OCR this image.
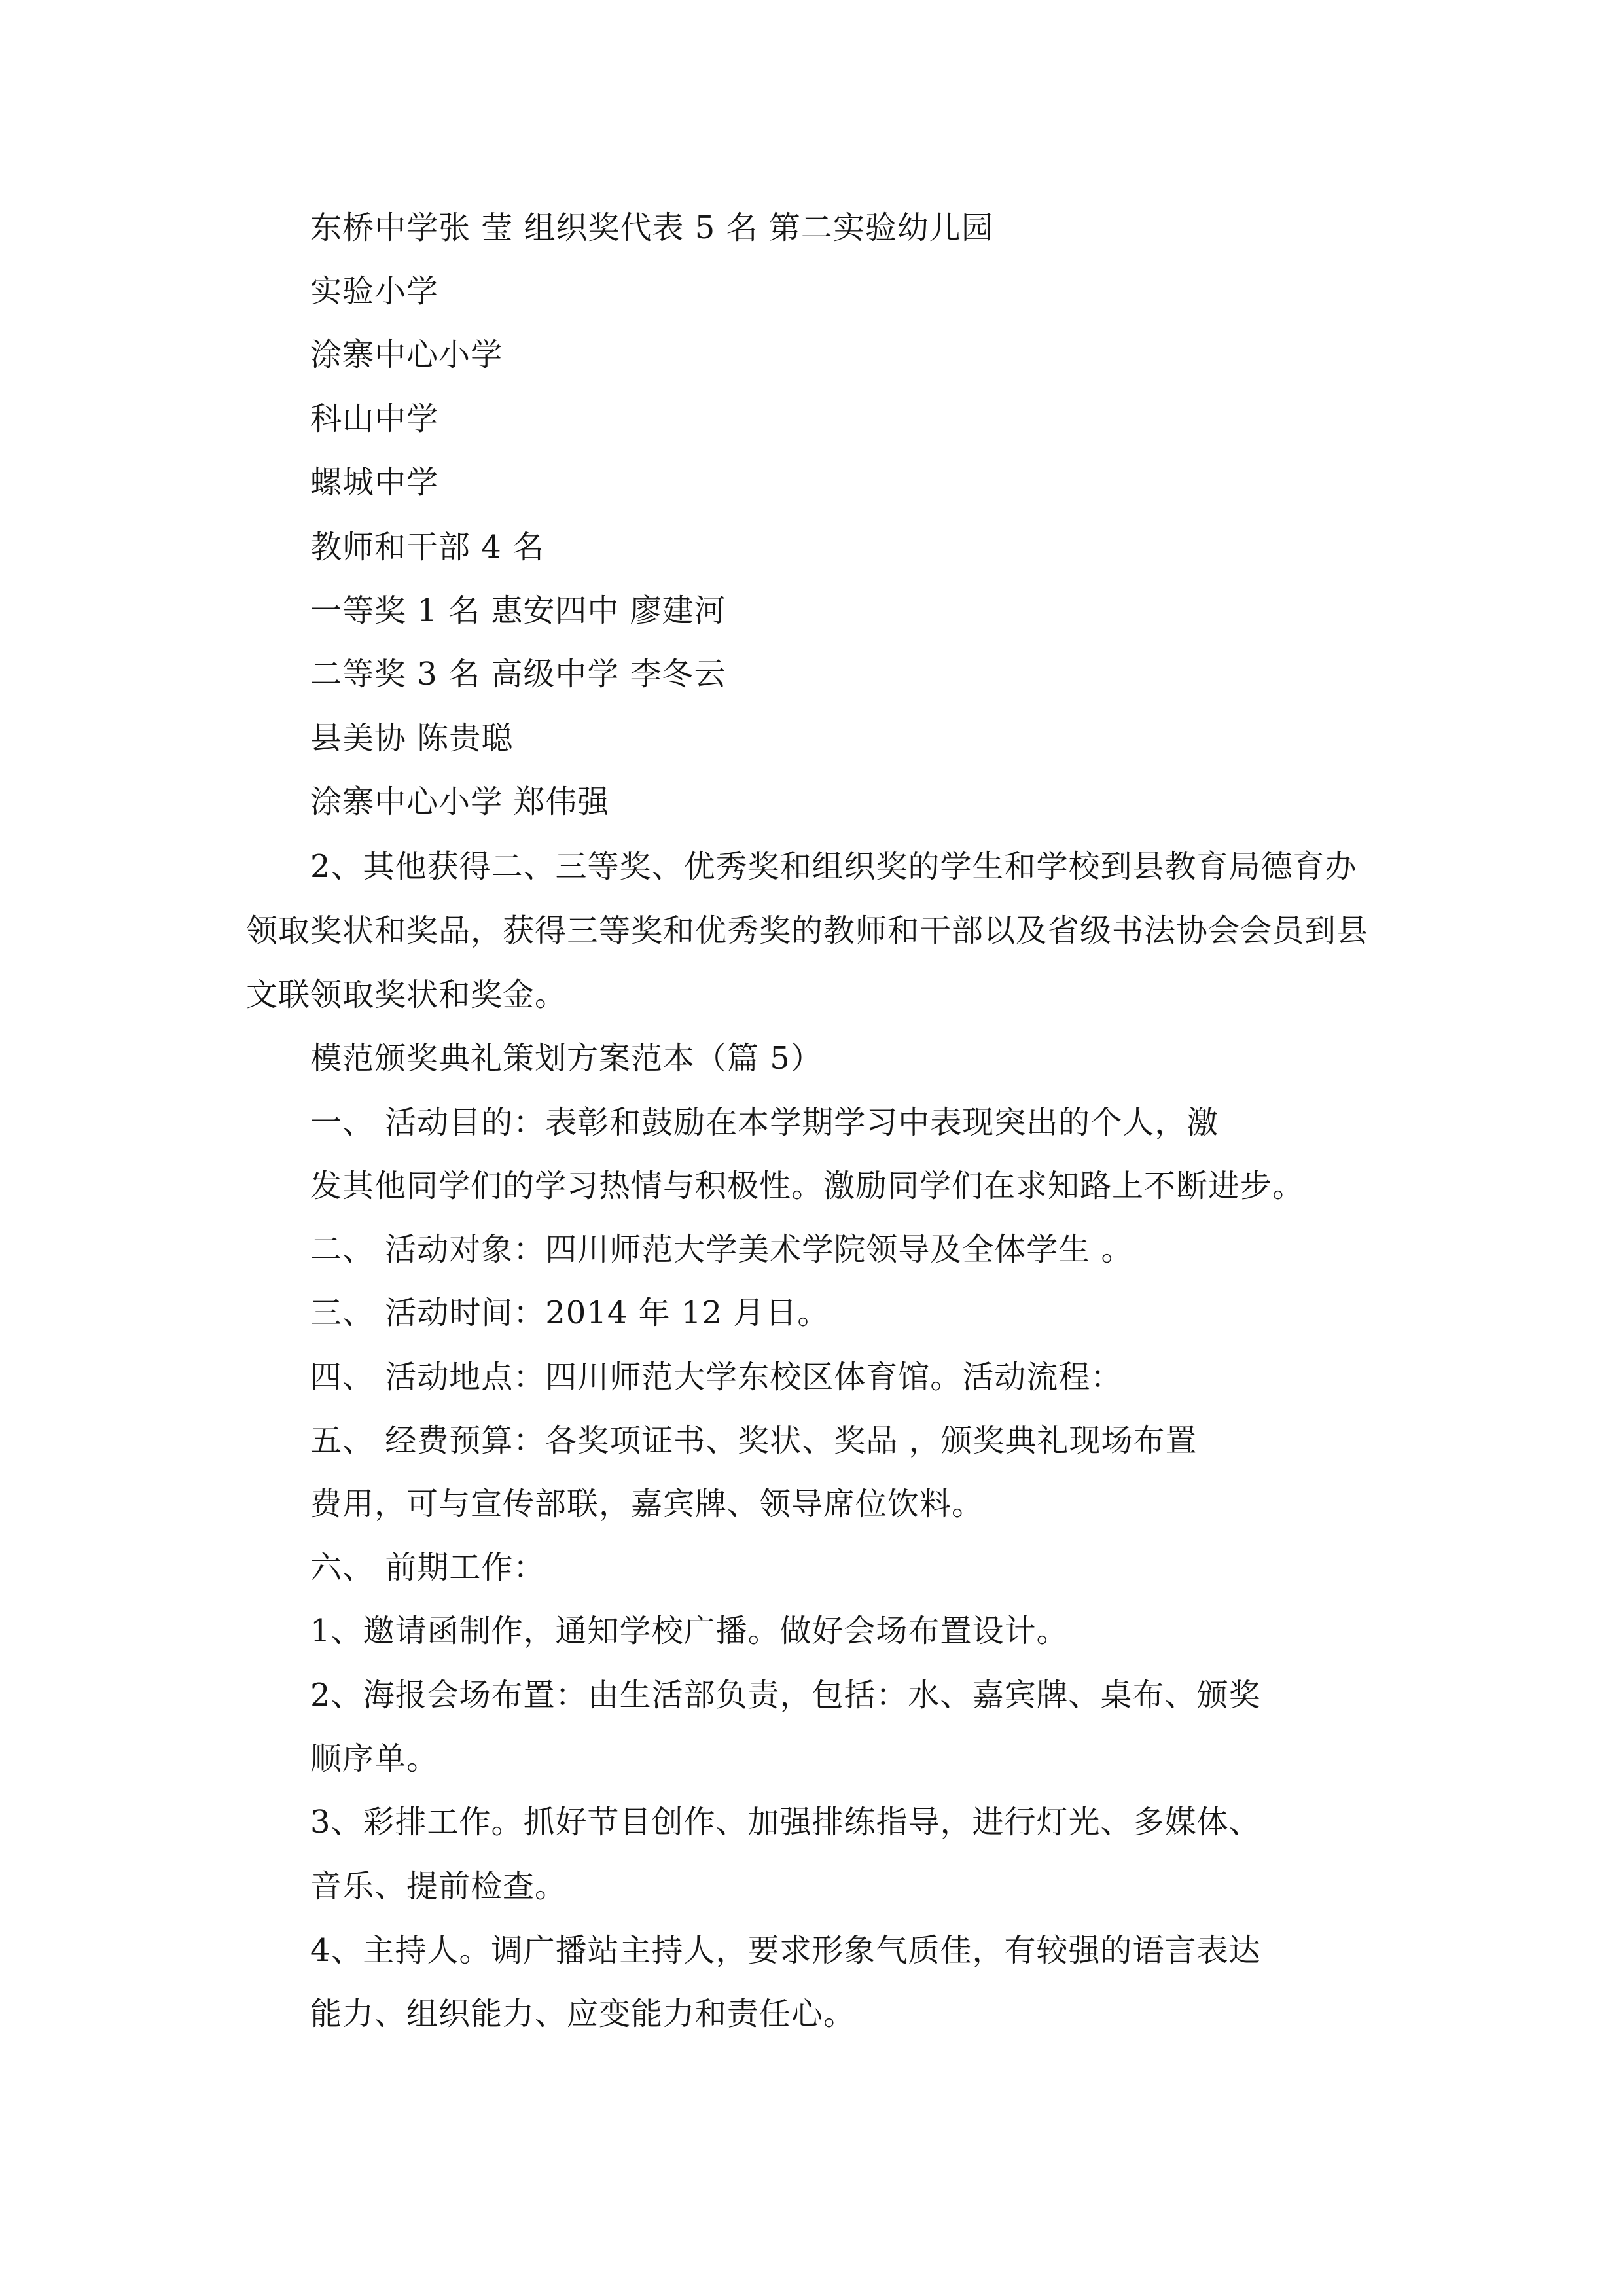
东桥中学张 莹 组织奖代表 5 名 第二实验幼儿园
实验小学
涂寨中心小学
科山中学
螺城中学
教师和干部 4 名
一等奖 1 名 惠安四中 廖建河
二等奖 3 名 高级中学 李冬云
县美协 陈贵聪
涂寨中心小学 郑伟强
2、其他获得二、三等奖、优秀奖和组织奖的学生和学校到县教育局德育办
领取奖状和奖品，获得三等奖和优秀奖的教师和干部以及省级书法协会会员到县
文联领取奖状和奖金。
模范颁奖典礼策划方案范本（篇 5）
一、 活动目的：表彰和鼓励在本学期学习中表现突出的个人，激
发其他同学们的学习热情与积极性。激励同学们在求知路上不断进步。
二、 活动对象：四川师范大学美术学院领导及全体学生 。
三、 活动时间：2014 年 12 月日。
四、 活动地点：四川师范大学东校区体育馆。活动流程：
五、 经费预算：各奖项证书、奖状、奖品 ，颁奖典礼现场布置
费用，可与宣传部联，嘉宾牌、领导席位饮料。
六、 前期工作：
1、邀请函制作，通知学校广播。做好会场布置设计。
2、海报会场布置：由生活部负责，包括：水、嘉宾牌、桌布、颁奖
顺序单。
3、彩排工作。抓好节目创作、加强排练指导，进行灯光、多媒体、
音乐、提前检查。
4、主持人。调广播站主持人，要求形象气质佳，有较强的语言表达
能力、组织能力、应变能力和责任心。
